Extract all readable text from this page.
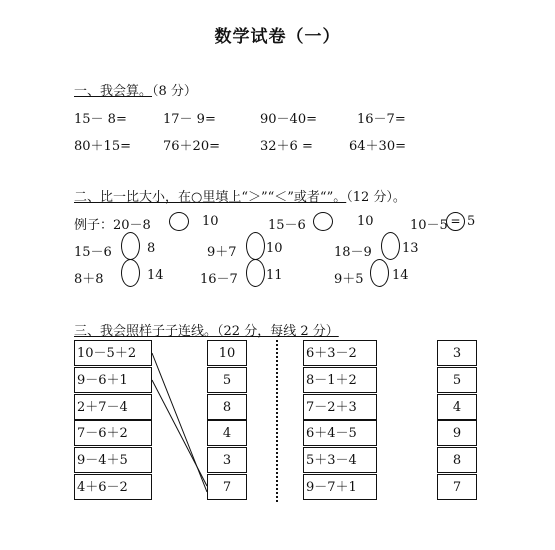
数学试卷（一）
一、我会算。（8 分）
15－ 8=	17－ 9=	90－40=	16－7=
80＋15= 76＋20=	32＋6 =	64＋30=
二、比一比大小，在○里填上“＞”“＜”或者“”。（12 分）。
例子：20－8	10	15－6	10	10－5 = 5
15－6	8	9＋7 10	18－9 13
8＋8	14	16－7 11	9＋5 14
三、我会照样子子连线。（22 分，每线 2 分）
10－5＋2
9－6＋1
2＋7－4
7－6＋2
9－4＋5
4＋6－2
10
5
8
4
3
7
6＋3－2
8－1＋2
7－2＋3
6＋4－5
5＋3－4
9－7＋1
3
5
4
9
8
7
